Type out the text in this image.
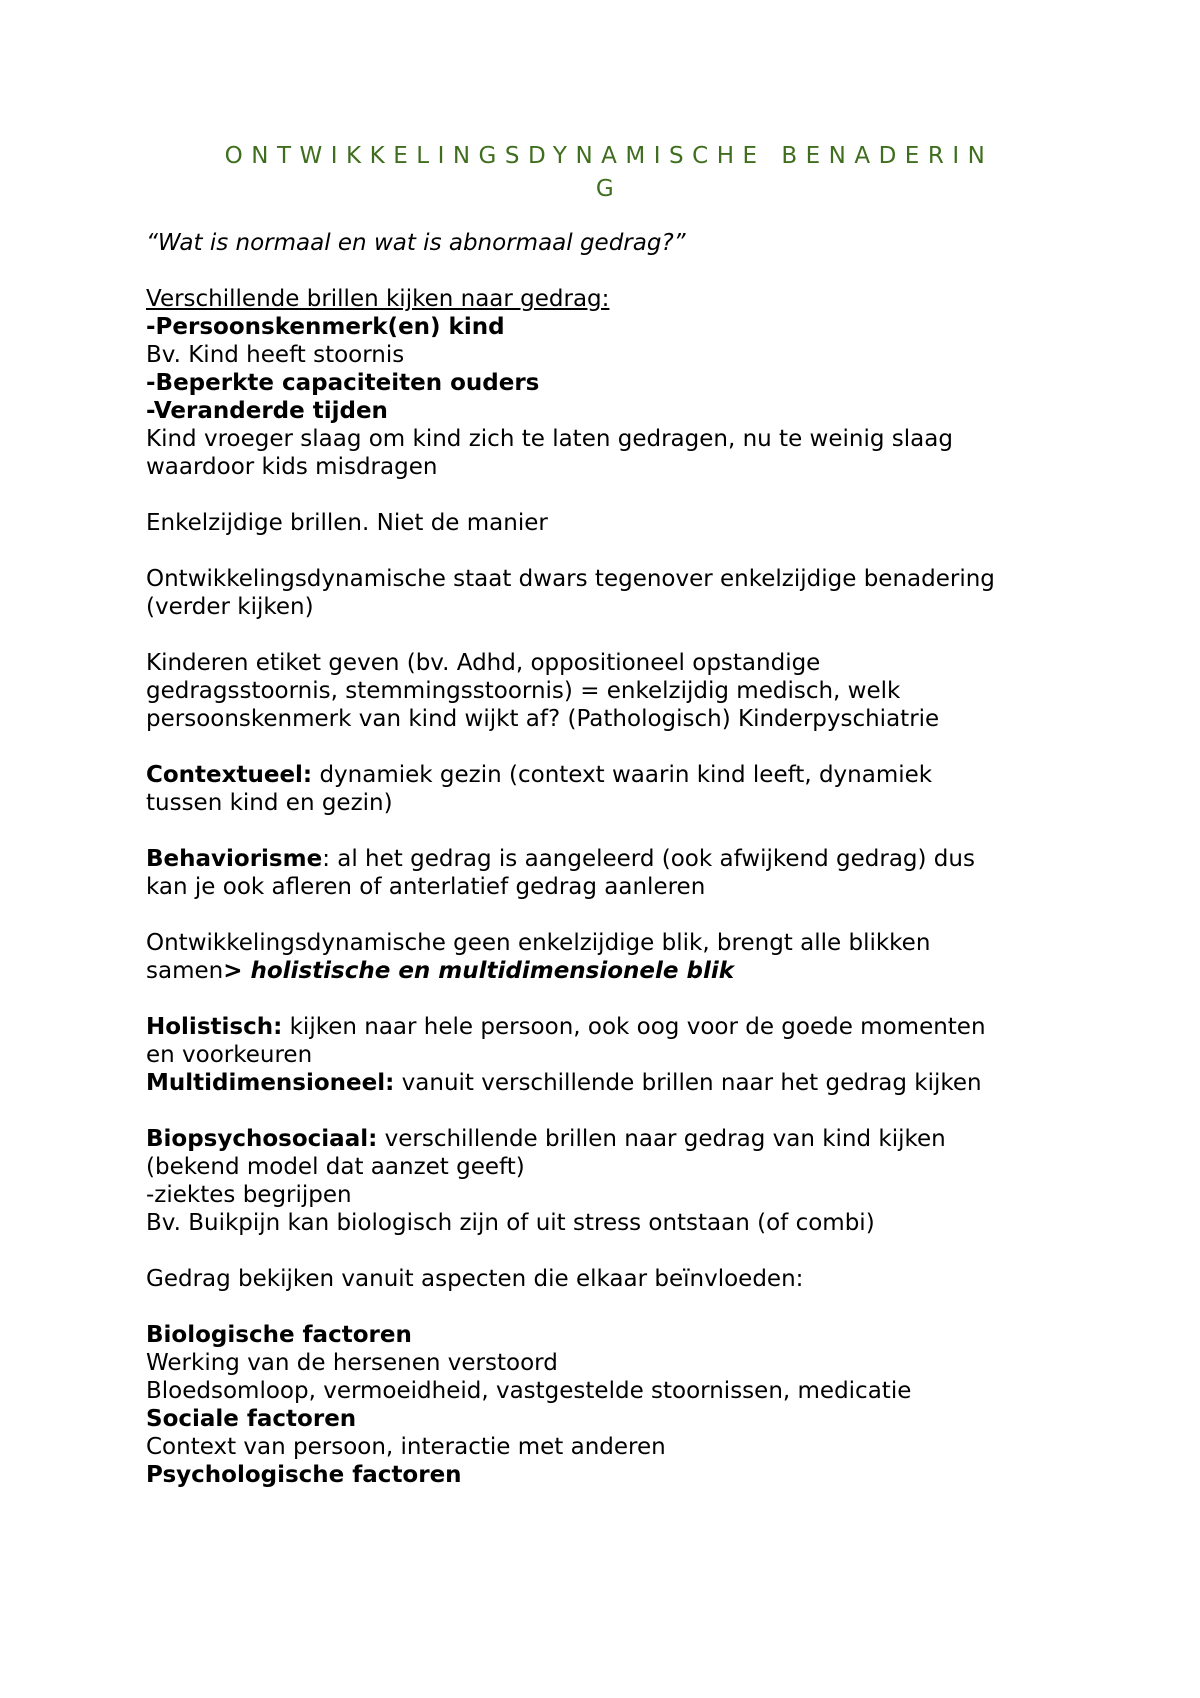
ONTWIKKELINGSDYNAMISCHE BENADERIN
G

“Wat is normaal en wat is abnormaal gedrag?”

Verschillende brillen kijken naar gedrag:

-Persoonskenmerk(en) kind

Bv. Kind heeft stoornis

-Beperkte capaciteiten ouders

-Veranderde tijden

Kind vroeger slaag om kind zich te laten gedragen, nu te weinig slaag

waardoor kids misdragen

Enkelzijdige brillen. Niet de manier

Ontwikkelingsdynamische staat dwars tegenover enkelzijdige benadering

(verder kijken)

Kinderen etiket geven (bv. Adhd, oppositioneel opstandige

gedragsstoornis, stemmingsstoornis) = enkelzijdig medisch, welk

persoonskenmerk van kind wijkt af? (Pathologisch) Kinderpyschiatrie

Contextueel: dynamiek gezin (context waarin kind leeft, dynamiek

tussen kind en gezin)

Behaviorisme: al het gedrag is aangeleerd (ook afwijkend gedrag) dus

kan je ook afleren of anterlatief gedrag aanleren

Ontwikkelingsdynamische geen enkelzijdige blik, brengt alle blikken

samen> holistische en multidimensionele blik

Holistisch: kijken naar hele persoon, ook oog voor de goede momenten

en voorkeuren

Multidimensioneel: vanuit verschillende brillen naar het gedrag kijken

Biopsychosociaal: verschillende brillen naar gedrag van kind kijken

(bekend model dat aanzet geeft)

-ziektes begrijpen

Bv. Buikpijn kan biologisch zijn of uit stress ontstaan (of combi)

Gedrag bekijken vanuit aspecten die elkaar beïnvloeden:

Biologische factoren

Werking van de hersenen verstoord

Bloedsomloop, vermoeidheid, vastgestelde stoornissen, medicatie

Sociale factoren

Context van persoon, interactie met anderen

Psychologische factoren
